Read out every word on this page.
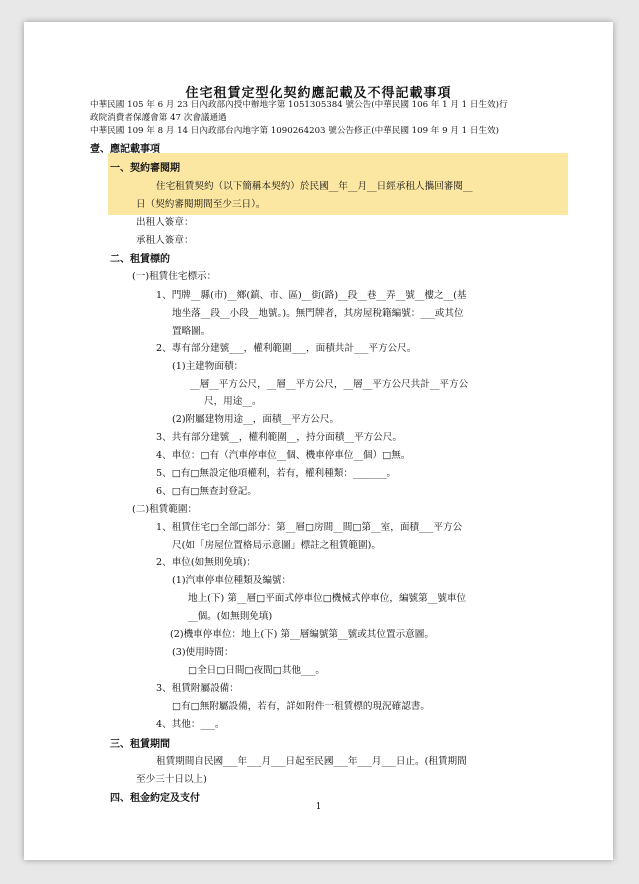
住宅租賃定型化契約應記載及不得記載事項
中華民國 105 年 6 月 23 日內政部內授中辦地字第 1051305384 號公告(中華民國 106 年 1 月 1 日生效)行
政院消費者保護會第 47 次會議通過
中華民國 109 年 8 月 14 日內政部台內地字第 1090264203 號公告修正(中華民國 109 年 9 月 1 日生效)
壹、應記載事項
一、契約審閱期
住宅租賃契約（以下簡稱本契約）於民國__年__月__日經承租人攜回審閱__
日（契約審閱期間至少三日）。
出租人簽章：
承租人簽章：
二、租賃標的
(一)租賃住宅標示：
1、門牌__縣(市)__鄉(鎮、市、區)__街(路)__段__巷__弄__號__樓之__(基
地坐落__段__小段__地號。)。無門牌者，其房屋稅籍編號：___或其位
置略圖。
2、專有部分建號___，權利範圍___，面積共計___平方公尺。
(1)主建物面積：
__層__平方公尺，__層__平方公尺，__層__平方公尺共計__平方公
尺，用途__。
(2)附屬建物用途__，面積__平方公尺。
3、共有部分建號__，權利範圍__，持分面積__平方公尺。
4、車位：□有（汽車停車位__個、機車停車位__個）□無。
5、□有□無設定他項權利，若有，權利種類：_______。
6、□有□無查封登記。
(二)租賃範圍：
1、租賃住宅□全部□部分：第__層□房間__間□第__室，面積___平方公
尺(如「房屋位置格局示意圖」標註之租賃範圍)。
2、車位(如無則免填)：
(1)汽車停車位種類及編號：
地上(下) 第__層□平面式停車位□機械式停車位，編號第__號車位
__個。(如無則免填)
(2)機車停車位：地上(下) 第__層編號第__號或其位置示意圖。
(3)使用時間：
□全日□日間□夜間□其他___。
3、租賃附屬設備：
□有□無附屬設備，若有，詳如附件一租賃標的現況確認書。
4、其他：___。
三、租賃期間
租賃期間自民國___年___月___日起至民國___年___月___日止。(租賃期間
至少三十日以上)
四、租金約定及支付
1
